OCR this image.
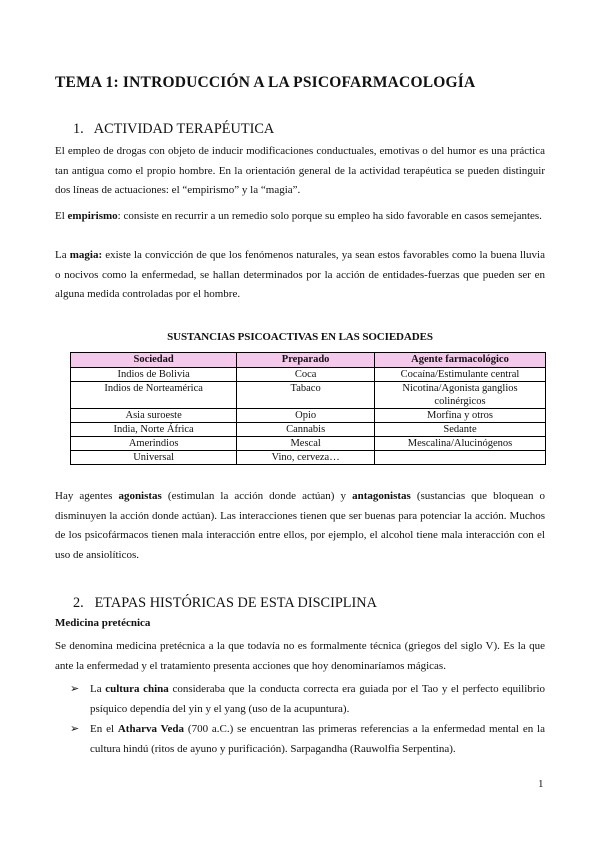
TEMA 1: INTRODUCCIÓN A LA PSICOFARMACOLOGÍA
1. ACTIVIDAD TERAPÉUTICA
El empleo de drogas con objeto de inducir modificaciones conductuales, emotivas o del humor es una práctica tan antigua como el propio hombre. En la orientación general de la actividad terapéutica se pueden distinguir dos líneas de actuaciones: el “empirismo” y la “magia”.
El empirismo: consiste en recurrir a un remedio solo porque su empleo ha sido favorable en casos semejantes.
La magia: existe la convicción de que los fenómenos naturales, ya sean estos favorables como la buena lluvia o nocivos como la enfermedad, se hallan determinados por la acción de entidades-fuerzas que pueden ser en alguna medida controladas por el hombre.
SUSTANCIAS PSICOACTIVAS EN LAS SOCIEDADES
Sociedad	Preparado	Agente farmacológico
Indios de Bolivia	Coca	Cocaína/Estimulante central
Indios de Norteamérica	Tabaco	Nicotina/Agonista ganglios colinérgicos
Asia suroeste	Opio	Morfina y otros
India, Norte África	Cannabis	Sedante
Amerindios	Mescal	Mescalina/Alucinógenos
Universal	Vino, cerveza…	
Hay agentes agonistas (estimulan la acción donde actúan) y antagonistas (sustancias que bloquean o disminuyen la acción donde actúan). Las interacciones tienen que ser buenas para potenciar la acción. Muchos de los psicofármacos tienen mala interacción entre ellos, por ejemplo, el alcohol tiene mala interacción con el uso de ansiolíticos.
2. ETAPAS HISTÓRICAS DE ESTA DISCIPLINA
Medicina pretécnica
Se denomina medicina pretécnica a la que todavía no es formalmente técnica (griegos del siglo V). Es la que ante la enfermedad y el tratamiento presenta acciones que hoy denominaríamos mágicas.
➢ La cultura china consideraba que la conducta correcta era guiada por el Tao y el perfecto equilibrio psíquico dependía del yin y el yang (uso de la acupuntura).
➢ En el Atharva Veda (700 a.C.) se encuentran las primeras referencias a la enfermedad mental en la cultura hindú (ritos de ayuno y purificación). Sarpagandha (Rauwolfia Serpentina).
1
